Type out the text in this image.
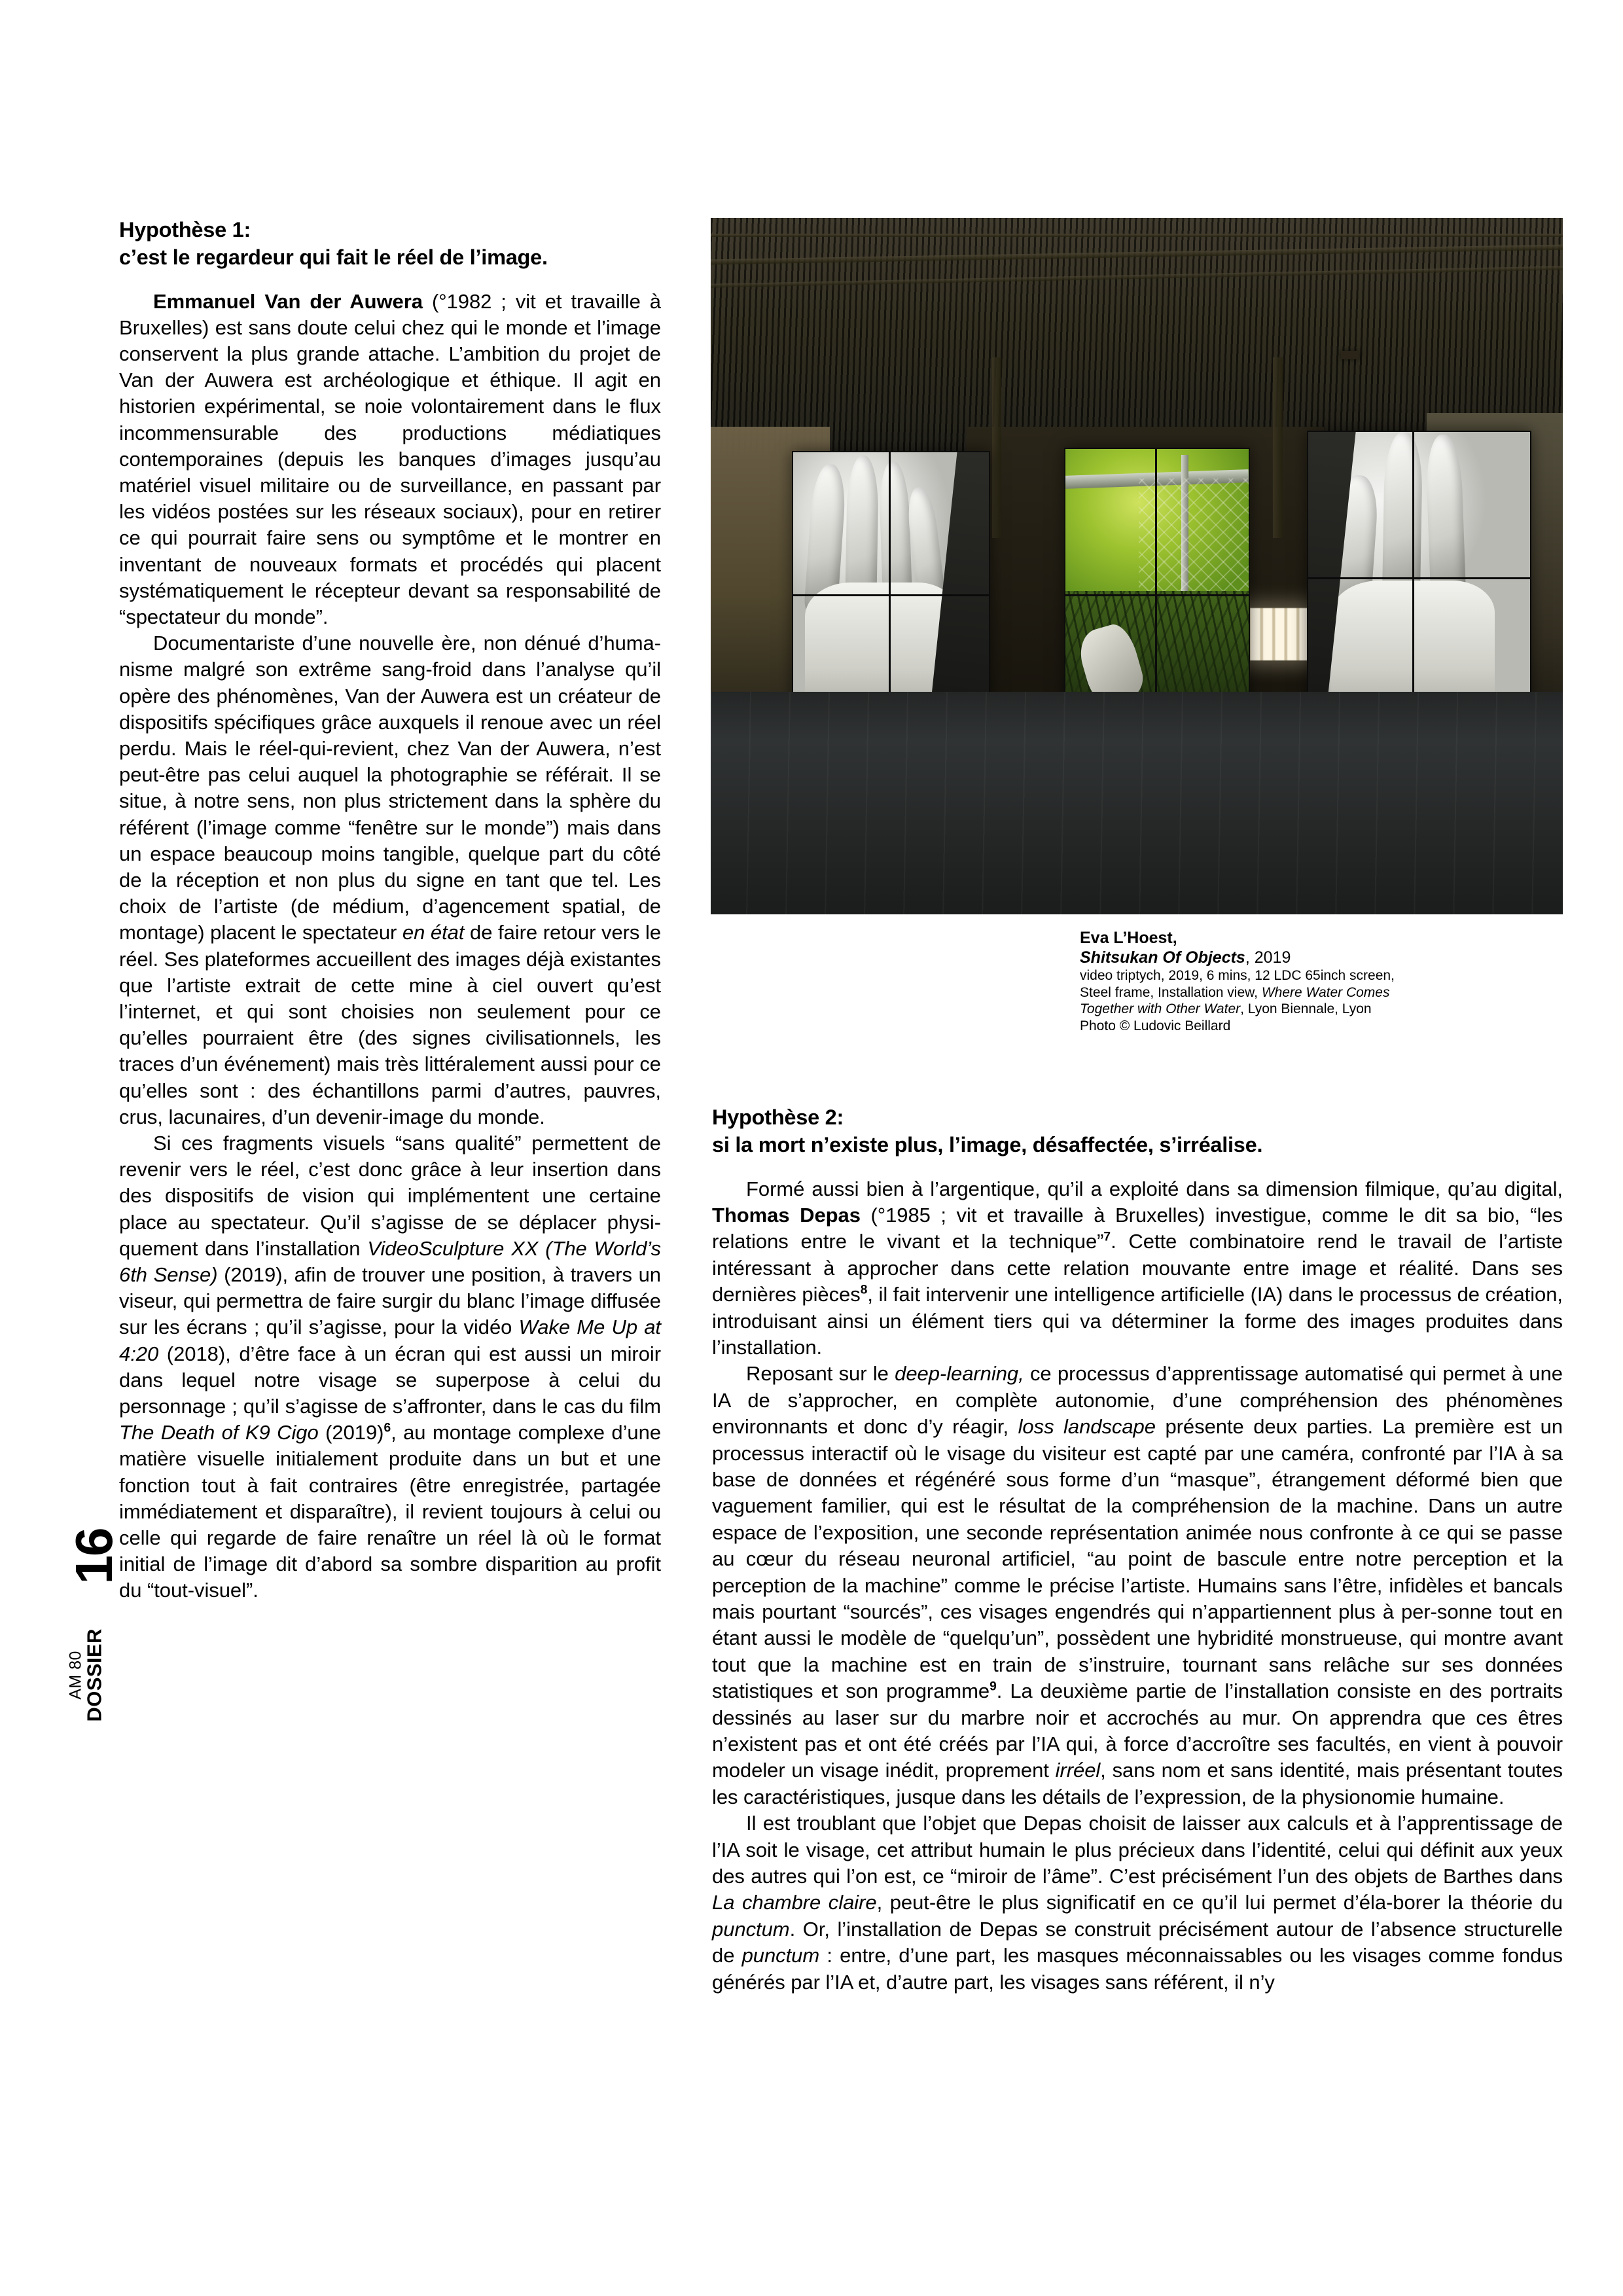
16
AM 80
DOSSIER
Hypothèse 1:
c’est le regardeur qui fait le réel de l’image.

Emmanuel Van der Auwera (°1982 ; vit et travaille à Bruxelles) est sans doute celui chez qui le monde et l’image conservent la plus grande attache. L’ambition du projet de Van der Auwera est archéologique et éthique. Il agit en historien expérimental, se noie volontairement dans le flux incommensurable des productions médiatiques contemporaines (depuis les banques d’images jusqu’au matériel visuel militaire ou de surveillance, en passant par les vidéos postées sur les réseaux sociaux), pour en retirer ce qui pourrait faire sens ou symptôme et le montrer en inventant de nouveaux formats et procédés qui placent systématiquement le récepteur devant sa responsabilité de “spectateur du monde”.

Documentariste d’une nouvelle ère, non dénué d’huma-nisme malgré son extrême sang-froid dans l’analyse qu’il opère des phénomènes, Van der Auwera est un créateur de dispositifs spécifiques grâce auxquels il renoue avec un réel perdu. Mais le réel-qui-revient, chez Van der Auwera, n’est peut-être pas celui auquel la photographie se référait. Il se situe, à notre sens, non plus strictement dans la sphère du référent (l’image comme “fenêtre sur le monde”) mais dans un espace beaucoup moins tangible, quelque part du côté de la réception et non plus du signe en tant que tel. Les choix de l’artiste (de médium, d’agencement spatial, de montage) placent le spectateur en état de faire retour vers le réel. Ses plateformes accueillent des images déjà existantes que l’artiste extrait de cette mine à ciel ouvert qu’est l’internet, et qui sont choisies non seulement pour ce qu’elles pourraient être (des signes civilisationnels, les traces d’un événement) mais très littéralement aussi pour ce qu’elles sont : des échantillons parmi d’autres, pauvres, crus, lacunaires, d’un devenir-image du monde.

Si ces fragments visuels “sans qualité” permettent de revenir vers le réel, c’est donc grâce à leur insertion dans des dispositifs de vision qui implémentent une certaine place au spectateur. Qu’il s’agisse de se déplacer physi-quement dans l’installation VideoSculpture XX (The World’s 6th Sense) (2019), afin de trouver une position, à travers un viseur, qui permettra de faire surgir du blanc l’image diffusée sur les écrans ; qu’il s’agisse, pour la vidéo Wake Me Up at 4:20 (2018), d’être face à un écran qui est aussi un miroir dans lequel notre visage se superpose à celui du personnage ; qu’il s’agisse de s’affronter, dans le cas du film The Death of K9 Cigo $(2019)^6$, au montage complexe d’une matière visuelle initialement produite dans un but et une fonction tout à fait contraires (être enregistrée, partagée immédiatement et disparaître), il revient toujours à celui ou celle qui regarde de faire renaître un réel là où le format initial de l’image dit d’abord sa sombre disparition au profit du “tout-visuel”.

Eva L’Hoest,
Shitsukan Of Objects, 2019
video triptych, 2019, 6 mins, 12 LDC 65inch screen,
Steel frame, Installation view, Where Water Comes
Together with Other Water, Lyon Biennale, Lyon
Photo © Ludovic Beillard
Hypothèse 2:
si la mort n’existe plus, l’image, désaffectée, s’irréalise.

Formé aussi bien à l’argentique, qu’il a exploité dans sa dimension filmique, qu’au digital, Thomas Depas (°1985 ; vit et travaille à Bruxelles) investigue, comme le dit sa bio, “les relations entre le vivant et la technique”$^7$. Cette combinatoire rend le travail de l’artiste intéressant à approcher dans cette relation mouvante entre image et réalité. Dans ses dernières pièces$^8$, il fait intervenir une intelligence artificielle (IA) dans le processus de création, introduisant ainsi un élément tiers qui va déterminer la forme des images produites dans l’installation.

Reposant sur le deep-learning, ce processus d’apprentissage automatisé qui permet à une IA de s’approcher, en complète autonomie, d’une compréhension des phénomènes environnants et donc d’y réagir, loss landscape présente deux parties. La première est un processus interactif où le visage du visiteur est capté par une caméra, confronté par l’IA à sa base de données et régénéré sous forme d’un “masque”, étrangement déformé bien que vaguement familier, qui est le résultat de la compréhension de la machine. Dans un autre espace de l’exposition, une seconde représentation animée nous confronte à ce qui se passe au cœur du réseau neuronal artificiel, “au point de bascule entre notre perception et la perception de la machine” comme le précise l’artiste. Humains sans l’être, infidèles et bancals mais pourtant “sourcés”, ces visages engendrés qui n’appartiennent plus à per-sonne tout en étant aussi le modèle de “quelqu’un”, possèdent une hybridité monstrueuse, qui montre avant tout que la machine est en train de s’instruire, tournant sans relâche sur ses données statistiques et son programme$^9$. La deuxième partie de l’installation consiste en des portraits dessinés au laser sur du marbre noir et accrochés au mur. On apprendra que ces êtres n’existent pas et ont été créés par l’IA qui, à force d’accroître ses facultés, en vient à pouvoir modeler un visage inédit, proprement irréel, sans nom et sans identité, mais présentant toutes les caractéristiques, jusque dans les détails de l’expression, de la physionomie humaine.

Il est troublant que l’objet que Depas choisit de laisser aux calculs et à l’apprentissage de l’IA soit le visage, cet attribut humain le plus précieux dans l’identité, celui qui définit aux yeux des autres qui l’on est, ce “miroir de l’âme”. C’est précisément l’un des objets de Barthes dans La chambre claire, peut-être le plus significatif en ce qu’il lui permet d’éla-borer la théorie du punctum. Or, l’installation de Depas se construit précisément autour de l’absence structurelle de punctum : entre, d’une part, les masques méconnaissables ou les visages comme fondus générés par l’IA et, d’autre part, les visages sans référent, il n’y
